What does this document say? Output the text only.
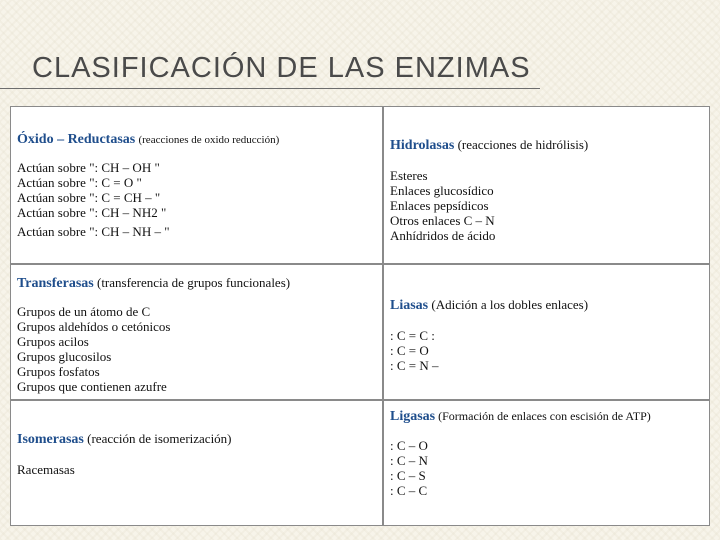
CLASIFICACIÓN DE LAS ENZIMAS
Óxido – Reductasas (reacciones de oxido reducción)
Actúan sobre ": CH – OH "
Actúan sobre ": C = O "
Actúan sobre ": C = CH – "
Actúan sobre ": CH – NH2 "
Actúan sobre ": CH – NH – "
Hidrolasas (reacciones de hidrólisis)
Esteres
Enlaces glucosídico
Enlaces pepsídicos
Otros enlaces C – N
Anhídridos de ácido
Transferasas (transferencia de grupos funcionales)
Grupos de un átomo de C
Grupos aldehídos o cetónicos
Grupos acilos
Grupos glucosilos
Grupos fosfatos
Grupos que contienen azufre
Liasas (Adición a los dobles enlaces)
: C = C :
: C = O
: C = N –
Isomerasas (reacción de isomerización)
Racemasas
Ligasas (Formación de enlaces con escisión de ATP)
: C – O
: C – N
: C – S
: C – C
